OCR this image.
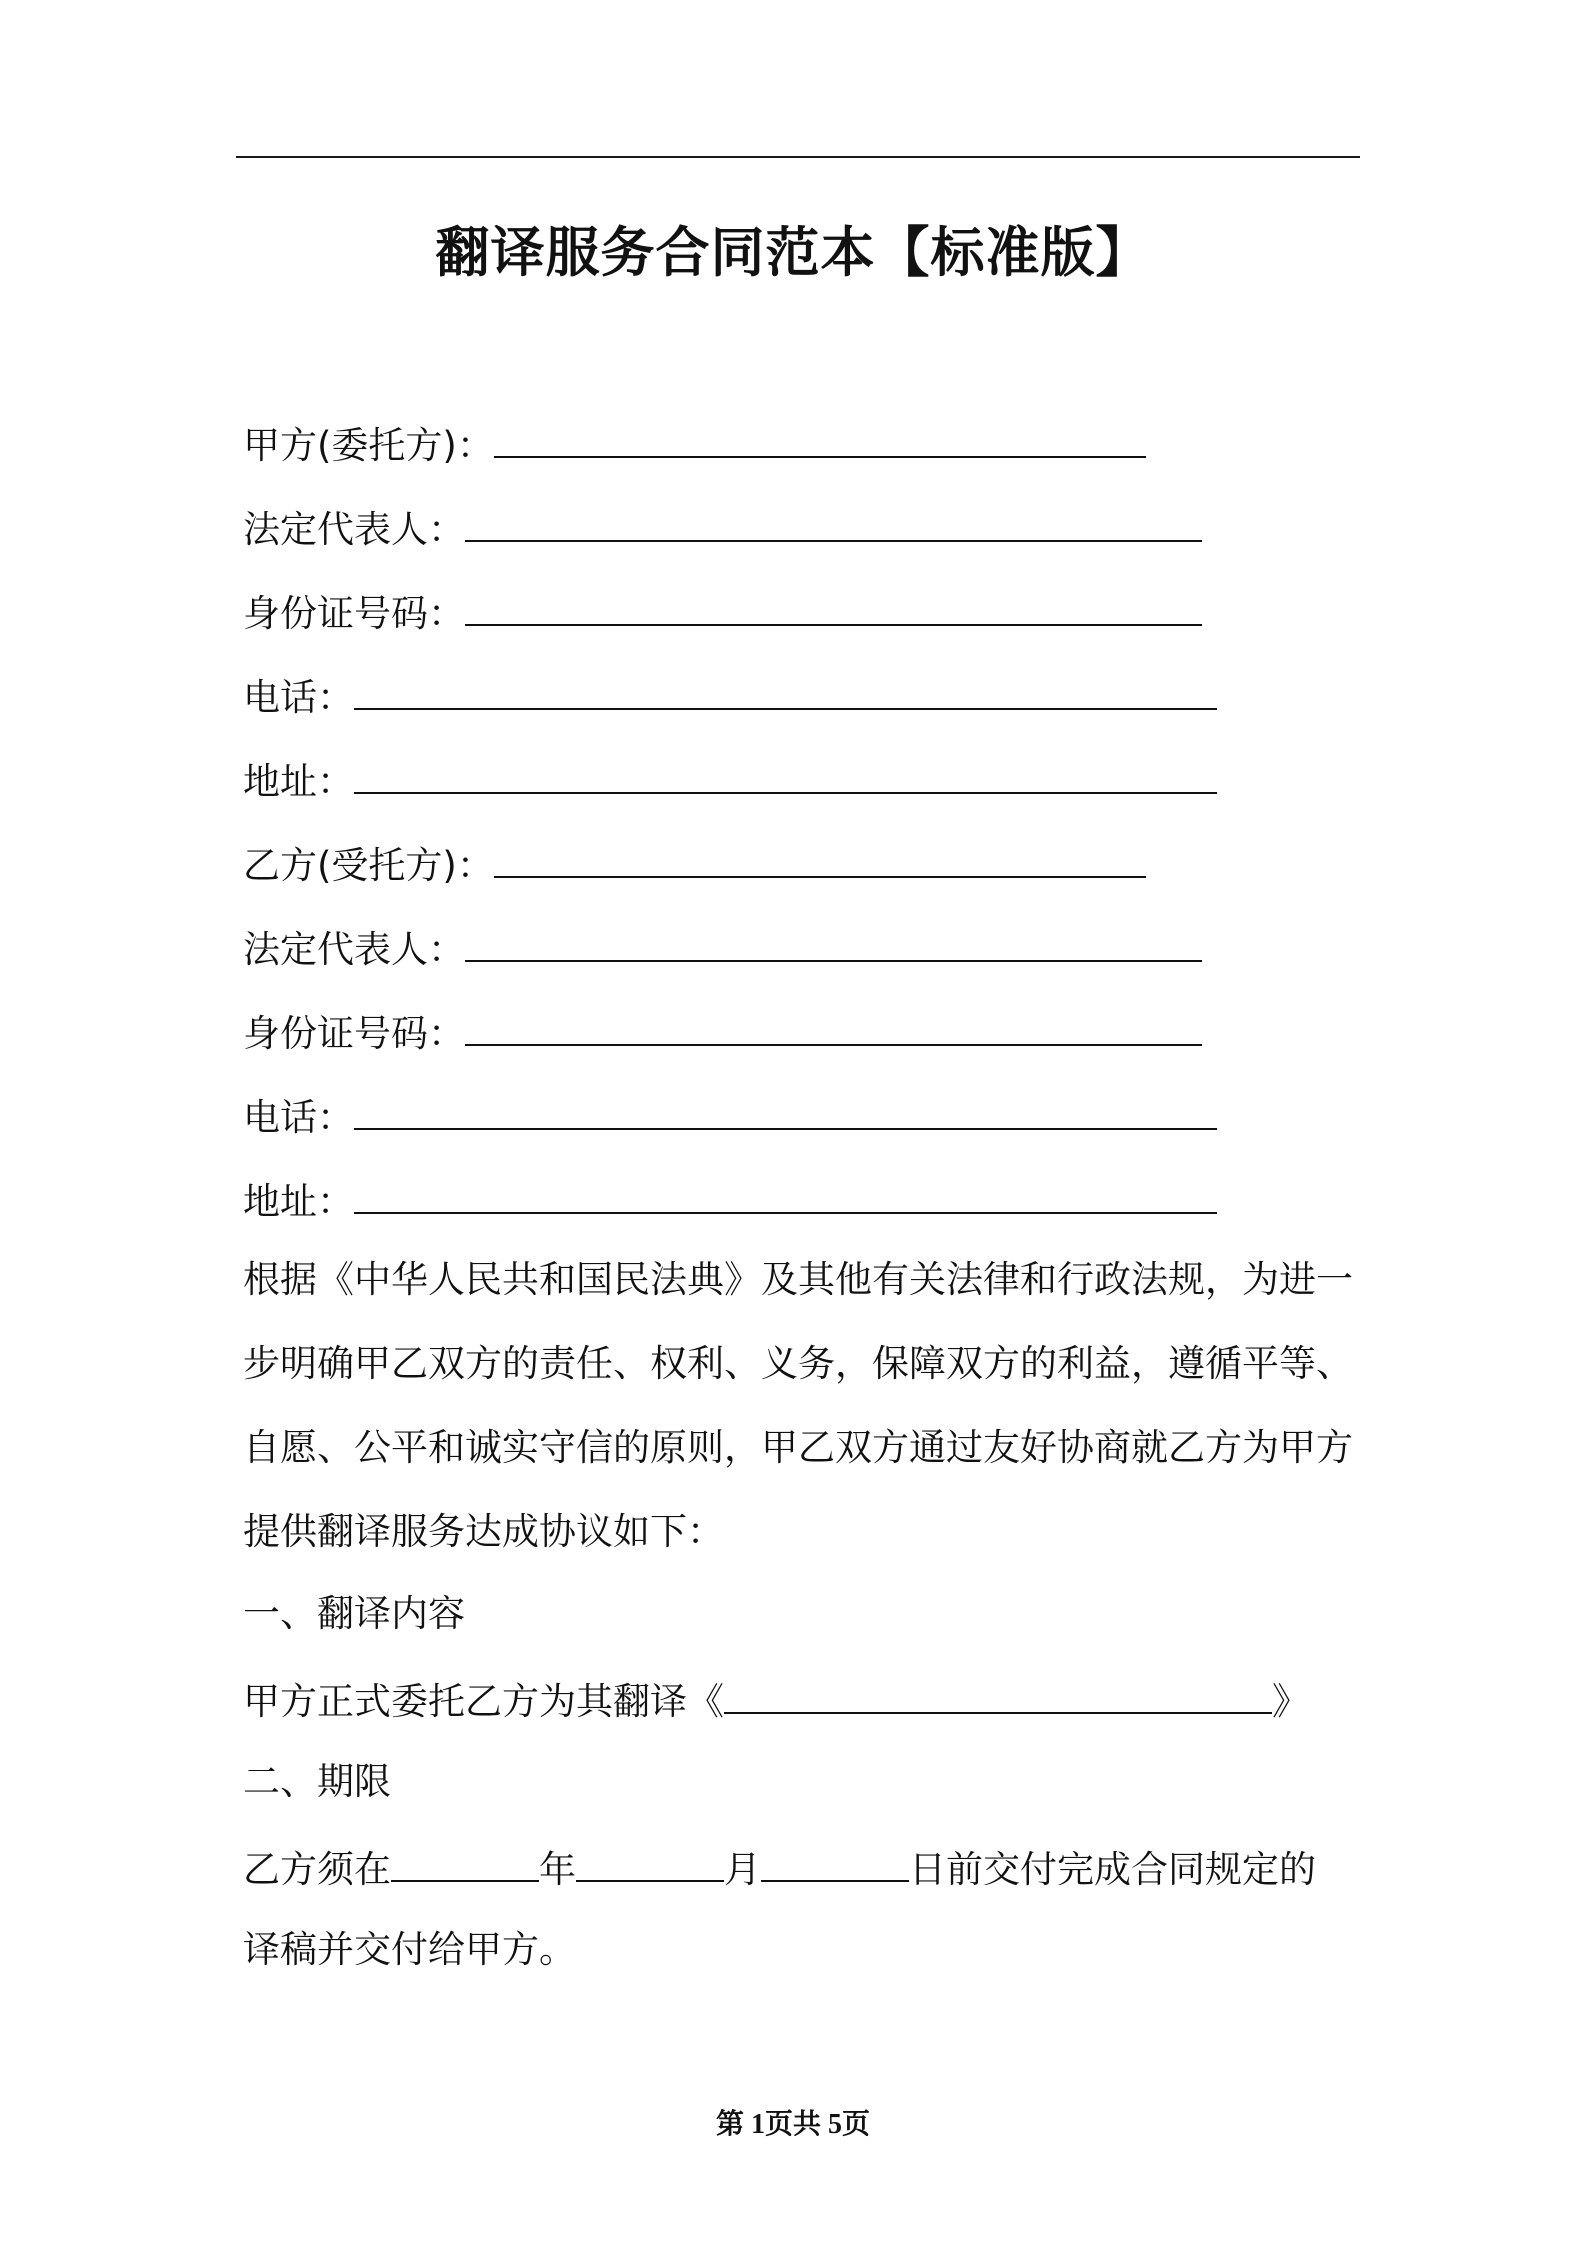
翻译服务合同范本【标准版】
甲方(委托方)：
法定代表人：
身份证号码：
电话：
地址：
乙方(受托方)：
法定代表人：
身份证号码：
电话：
地址：
根据《中华人民共和国民法典》及其他有关法律和行政法规，为进一步明确甲乙双方的责任、权利、义务，保障双方的利益，遵循平等、自愿、公平和诚实守信的原则，甲乙双方通过友好协商就乙方为甲方提供翻译服务达成协议如下：
一、翻译内容
甲方正式委托乙方为其翻译《	》
二、期限
乙方须在	年	月	日前交付完成合同规定的
译稿并交付给甲方。
第 1页共 5页
